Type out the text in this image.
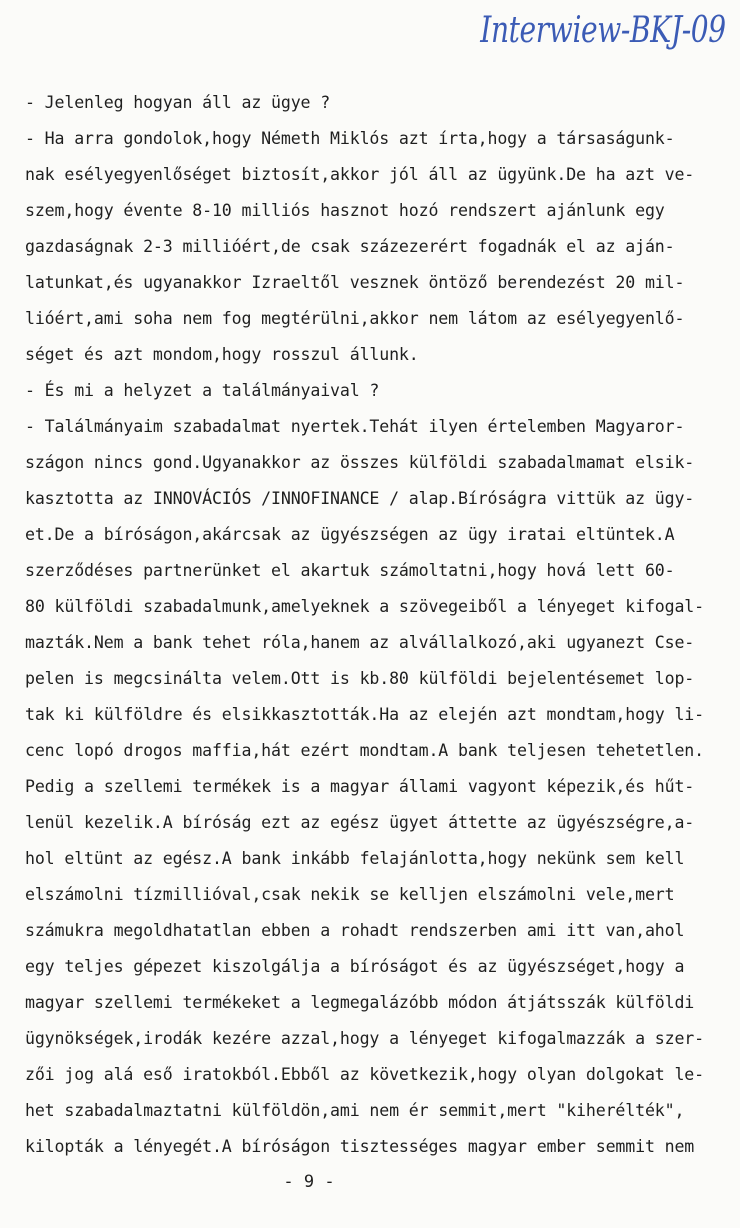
Interwiew-BKJ-09
- Jelenleg hogyan áll az ügye ?
- Ha arra gondolok,hogy Németh Miklós azt írta,hogy a társaságunk-
nak esélyegyenlőséget biztosít,akkor jól áll az ügyünk.De ha azt ve-
szem,hogy évente 8-10 milliós hasznot hozó rendszert ajánlunk egy
gazdaságnak 2-3 millióért,de csak százezerért fogadnák el az aján-
latunkat,és ugyanakkor Izraeltől vesznek öntöző berendezést 20 mil-
lióért,ami soha nem fog megtérülni,akkor nem látom az esélyegyenlő-
séget és azt mondom,hogy rosszul állunk.
- És mi a helyzet a találmányaival ?
- Találmányaim szabadalmat nyertek.Tehát ilyen értelemben Magyaror-
szágon nincs gond.Ugyanakkor az összes külföldi szabadalmamat elsik-
kasztotta az INNOVÁCIÓS /INNOFINANCE / alap.Bíróságra vittük az ügy-
et.De a bíróságon,akárcsak az ügyészségen az ügy iratai eltüntek.A
szerződéses partnerünket el akartuk számoltatni,hogy hová lett 60-
80 külföldi szabadalmunk,amelyeknek a szövegeiből a lényeget kifogal-
mazták.Nem a bank tehet róla,hanem az alvállalkozó,aki ugyanezt Cse-
pelen is megcsinálta velem.Ott is kb.80 külföldi bejelentésemet lop-
tak ki külföldre és elsikkasztották.Ha az elején azt mondtam,hogy li-
cenc lopó drogos maffia,hát ezért mondtam.A bank teljesen tehetetlen.
Pedig a szellemi termékek is a magyar állami vagyont képezik,és hűt-
lenül kezelik.A bíróság ezt az egész ügyet áttette az ügyészségre,a-
hol eltünt az egész.A bank inkább felajánlotta,hogy nekünk sem kell
elszámolni tízmillióval,csak nekik se kelljen elszámolni vele,mert
számukra megoldhatatlan ebben a rohadt rendszerben ami itt van,ahol
egy teljes gépezet kiszolgálja a bíróságot és az ügyészséget,hogy a
magyar szellemi termékeket a legmegalázóbb módon átjátsszák külföldi
ügynökségek,irodák kezére azzal,hogy a lényeget kifogalmazzák a szer-
zői jog alá eső iratokból.Ebből az következik,hogy olyan dolgokat le-
het szabadalmaztatni külföldön,ami nem ér semmit,mert "kiherélték",
kilopták a lényegét.A bíróságon tisztességes magyar ember semmit nem
- 9 -
